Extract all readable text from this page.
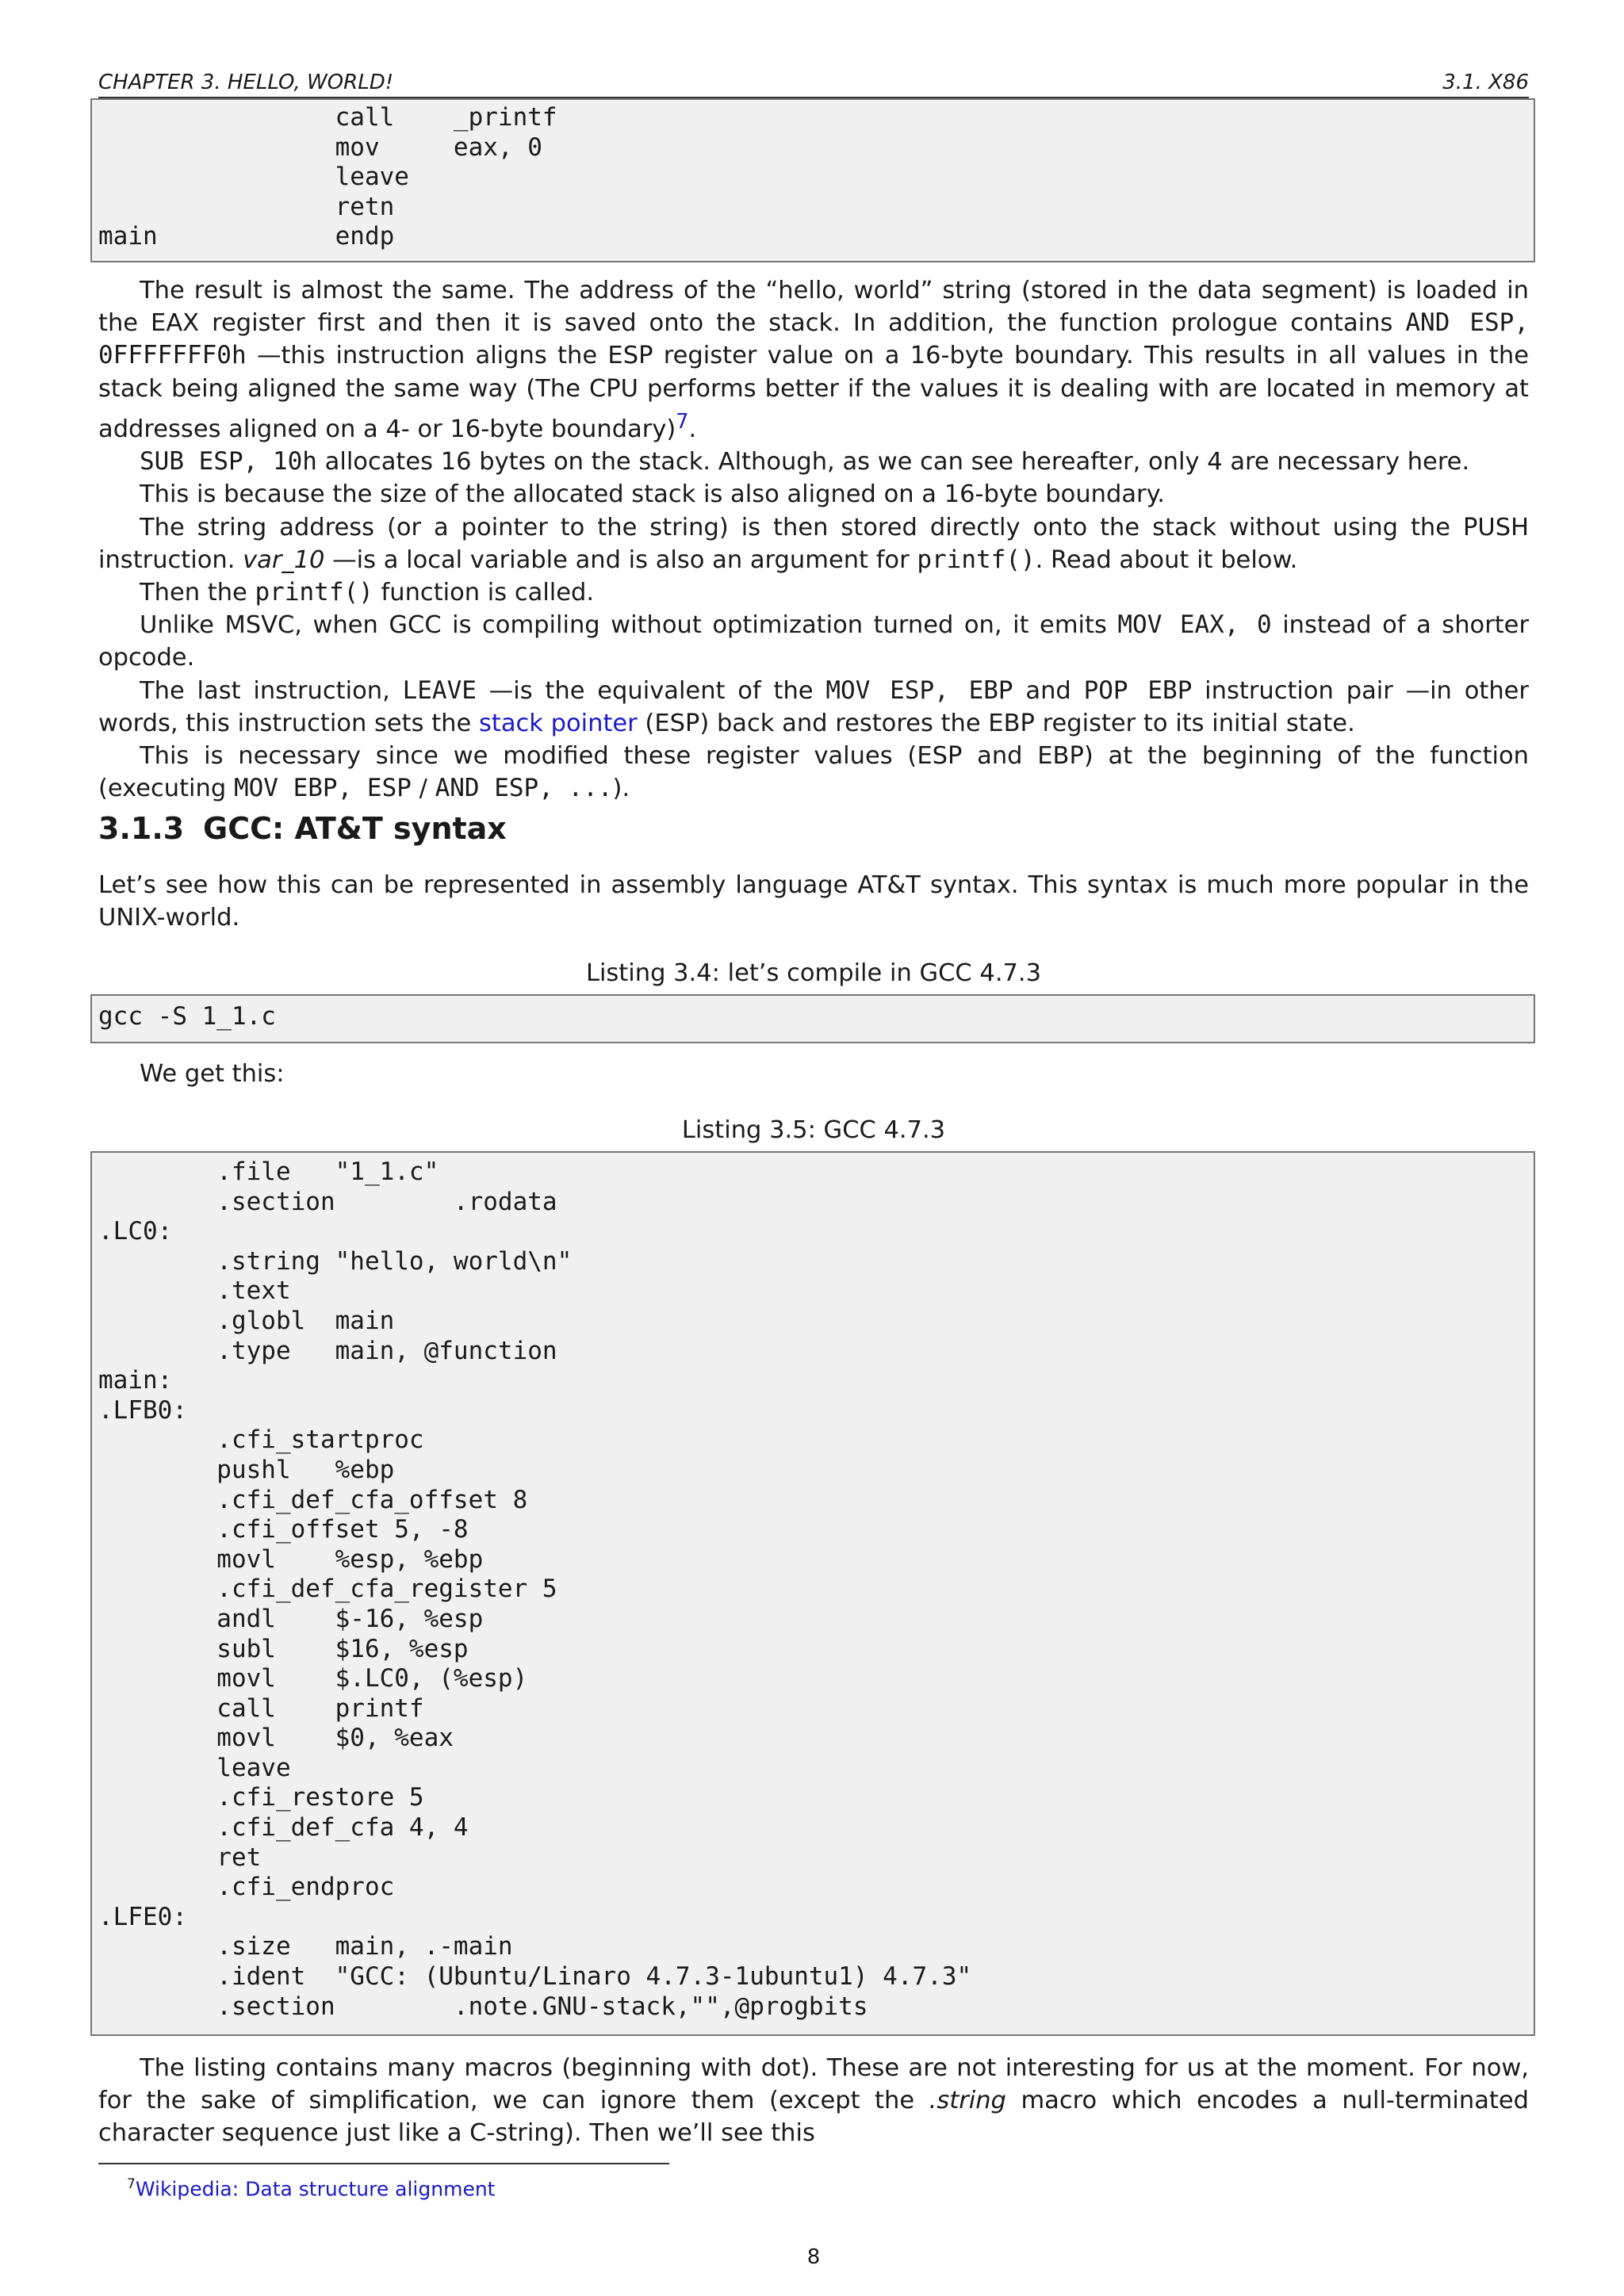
CHAPTER 3. HELLO, WORLD!	3.1. X86
call    _printf
mov     eax, 0
leave
retn
main            endp

The result is almost the same. The address of the “hello, world” string (stored in the data segment) is loaded in the EAX register first and then it is saved onto the stack. In addition, the function prologue contains AND ESP, 0FFFFFFF0h —this instruction aligns the ESP register value on a 16-byte boundary. This results in all values in the stack being aligned the same way (The CPU performs better if the values it is dealing with are located in memory at addresses aligned on a 4- or 16-byte boundary)$^7$.

SUB ESP, 10h allocates 16 bytes on the stack. Although, as we can see hereafter, only 4 are necessary here.

This is because the size of the allocated stack is also aligned on a 16-byte boundary.

The string address (or a pointer to the string) is then stored directly onto the stack without using the PUSH instruction. var_10 —is a local variable and is also an argument for printf(). Read about it below.

Then the printf() function is called.

Unlike MSVC, when GCC is compiling without optimization turned on, it emits MOV EAX, 0 instead of a shorter opcode.

The last instruction, LEAVE —is the equivalent of the MOV ESP, EBP and POP EBP instruction pair —in other words, this instruction sets the stack pointer (ESP) back and restores the EBP register to its initial state.

This is necessary since we modified these register values (ESP and EBP) at the beginning of the function (executing MOV EBP, ESP / AND ESP, ...).

3.1.3 GCC: AT&T syntax

Let’s see how this can be represented in assembly language AT&T syntax. This syntax is much more popular in the UNIX-world.

Listing 3.4: let’s compile in GCC 4.7.3
gcc -S 1_1.c

We get this:

Listing 3.5: GCC 4.7.3
.file   "1_1.c"
.section        .rodata
.LC0:
.string "hello, world\n"
.text
.globl  main
.type   main, @function
main:
.LFB0:
.cfi_startproc
pushl   %ebp
.cfi_def_cfa_offset 8
.cfi_offset 5, -8
movl    %esp, %ebp
.cfi_def_cfa_register 5
andl    $-16, %esp
subl    $16, %esp
movl    $.LC0, (%esp)
call    printf
movl    $0, %eax
leave
.cfi_restore 5
.cfi_def_cfa 4, 4
ret
.cfi_endproc
.LFE0:
.size   main, .-main
.ident  "GCC: (Ubuntu/Linaro 4.7.3-1ubuntu1) 4.7.3"
.section        .note.GNU-stack,"",@progbits

The listing contains many macros (beginning with dot). These are not interesting for us at the moment. For now, for the sake of simplification, we can ignore them (except the .string macro which encodes a null-terminated character sequence just like a C-string). Then we’ll see this

$^7$Wikipedia: Data structure alignment
8
